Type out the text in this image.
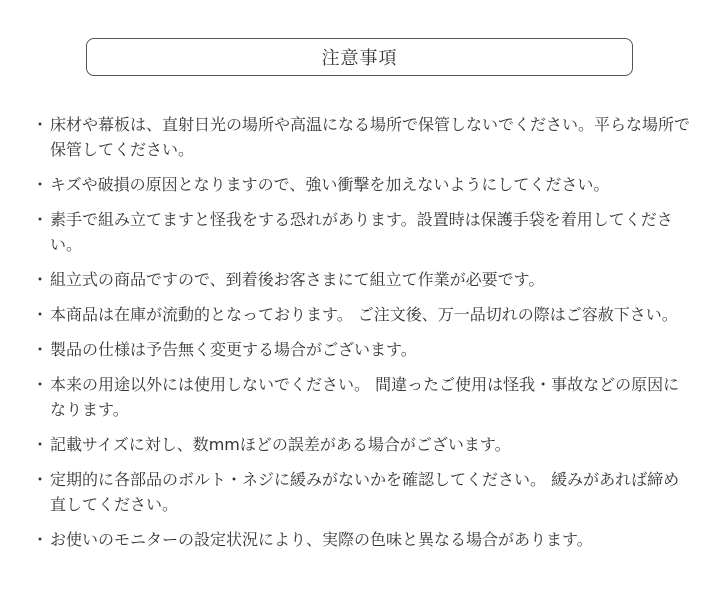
注意事項
・ 床材や幕板は、直射日光の場所や高温になる場所で保管しないでください。平らな場所で保管してください。
・ キズや破損の原因となりますので、強い衝撃を加えないようにしてください。
・ 素手で組み立てますと怪我をする恐れがあります。設置時は保護手袋を着用してください。
・ 組立式の商品ですので、到着後お客さまにて組立て作業が必要です。
・ 本商品は在庫が流動的となっております。 ご注文後、万一品切れの際はご容赦下さい。
・ 製品の仕様は予告無く変更する場合がございます。
・ 本来の用途以外には使用しないでください。 間違ったご使用は怪我・事故などの原因になります。
・ 記載サイズに対し、数mmほどの誤差がある場合がございます。
・ 定期的に各部品のボルト・ネジに緩みがないかを確認してください。 緩みがあれば締め直してください。
・ お使いのモニターの設定状況により、実際の色味と異なる場合があります。
